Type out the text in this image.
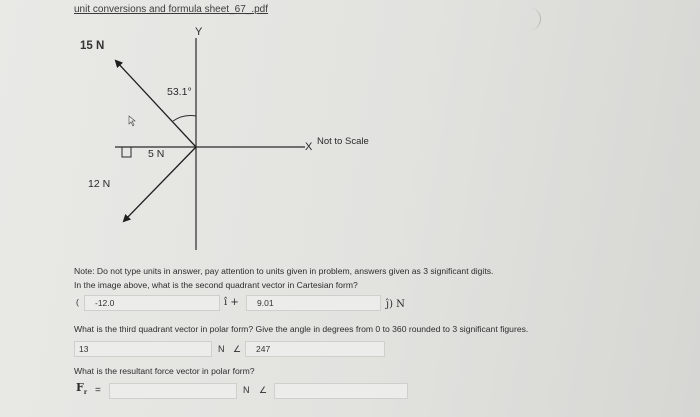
unit conversions and formula sheet_67_.pdf
Y
X Not to Scale
15 N
12 N
5 N
53.1°
Note: Do not type units in answer, pay attention to units given in problem, answers given as 3 significant digits.
In the image above, what is the second quadrant vector in Cartesian form?
(	-12.0	î +	9.01	ĵ) N
What is the third quadrant vector in polar form? Give the angle in degrees from 0 to 360 rounded to 3 significant figures.
13	N ∠	247
What is the resultant force vector in polar form?
$F_r$ =	N ∠
